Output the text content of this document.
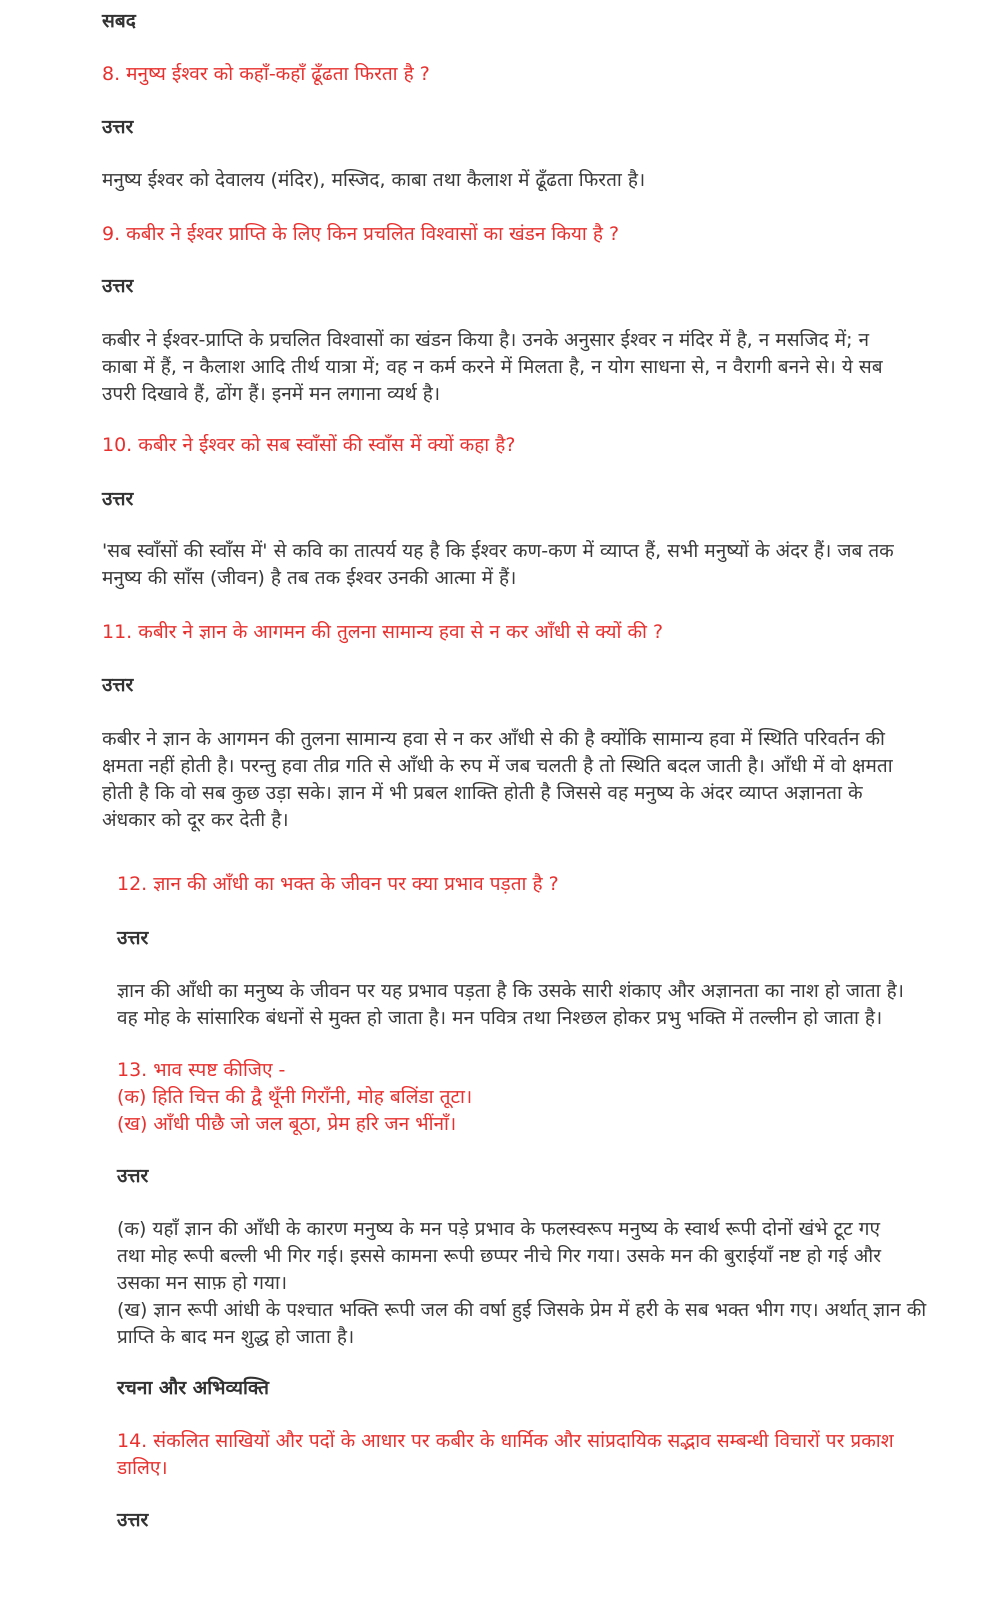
सबद

8. मनुष्य ईश्वर को कहाँ-कहाँ ढूँढता फिरता है ?

उत्तर

मनुष्य ईश्वर को देवालय (मंदिर), मस्जिद, काबा तथा कैलाश में ढूँढता फिरता है।

9. कबीर ने ईश्वर प्राप्ति के लिए किन प्रचलित विश्वासों का खंडन किया है ?

उत्तर

कबीर ने ईश्वर-प्राप्ति के प्रचलित विश्वासों का खंडन किया है। उनके अनुसार ईश्वर न मंदिर में है, न मसजिद में; न
काबा में हैं, न कैलाश आदि तीर्थ यात्रा में; वह न कर्म करने में मिलता है, न योग साधना से, न वैरागी बनने से। ये सब
उपरी दिखावे हैं, ढोंग हैं। इनमें मन लगाना व्यर्थ है।

10. कबीर ने ईश्वर को सब स्वाँसों की स्वाँस में क्यों कहा है?

उत्तर

'सब स्वाँसों की स्वाँस में' से कवि का तात्पर्य यह है कि ईश्वर कण-कण में व्याप्त हैं, सभी मनुष्यों के अंदर हैं। जब तक
मनुष्य की साँस (जीवन) है तब तक ईश्वर उनकी आत्मा में हैं।

11. कबीर ने ज्ञान के आगमन की तुलना सामान्य हवा से न कर आँधी से क्यों की ?

उत्तर

कबीर ने ज्ञान के आगमन की तुलना सामान्य हवा से न कर आँधी से की है क्योंकि सामान्य हवा में स्थिति परिवर्तन की
क्षमता नहीं होती है। परन्तु हवा तीव्र गति से आँधी के रुप में जब चलती है तो स्थिति बदल जाती है। आँधी में वो क्षमता
होती है कि वो सब कुछ उड़ा सके। ज्ञान में भी प्रबल शाक्ति होती है जिससे वह मनुष्य के अंदर व्याप्त अज्ञानता के
अंधकार को दूर कर देती है।

12. ज्ञान की आँधी का भक्त के जीवन पर क्या प्रभाव पड़ता है ?

उत्तर

ज्ञान की आँधी का मनुष्य के जीवन पर यह प्रभाव पड़ता है कि उसके सारी शंकाए और अज्ञानता का नाश हो जाता है।
वह मोह के सांसारिक बंधनों से मुक्त हो जाता है। मन पवित्र तथा निश्छल होकर प्रभु भक्ति में तल्लीन हो जाता है।

13. भाव स्पष्ट कीजिए -
(क) हिति चित्त की द्वै थूँनी गिराँनी, मोह बलिंडा तूटा।
(ख) आँधी पीछै जो जल बूठा, प्रेम हरि जन भींनाँ।

उत्तर

(क) यहाँ ज्ञान की आँधी के कारण मनुष्य के मन पड़े प्रभाव के फलस्वरूप मनुष्य के स्वार्थ रूपी दोनों खंभे टूट गए
तथा मोह रूपी बल्ली भी गिर गई। इससे कामना रूपी छप्पर नीचे गिर गया। उसके मन की बुराईयाँ नष्ट हो गई और
उसका मन साफ़ हो गया।
(ख) ज्ञान रूपी आंधी के पश्चात भक्ति रूपी जल की वर्षा हुई जिसके प्रेम में हरी के सब भक्त भीग गए। अर्थात् ज्ञान की
प्राप्ति के बाद मन शुद्ध हो जाता है।

रचना और अभिव्यक्ति

14. संकलित साखियों और पदों के आधार पर कबीर के धार्मिक और सांप्रदायिक सद्भाव सम्बन्धी विचारों पर प्रकाश
डालिए।

उत्तर
